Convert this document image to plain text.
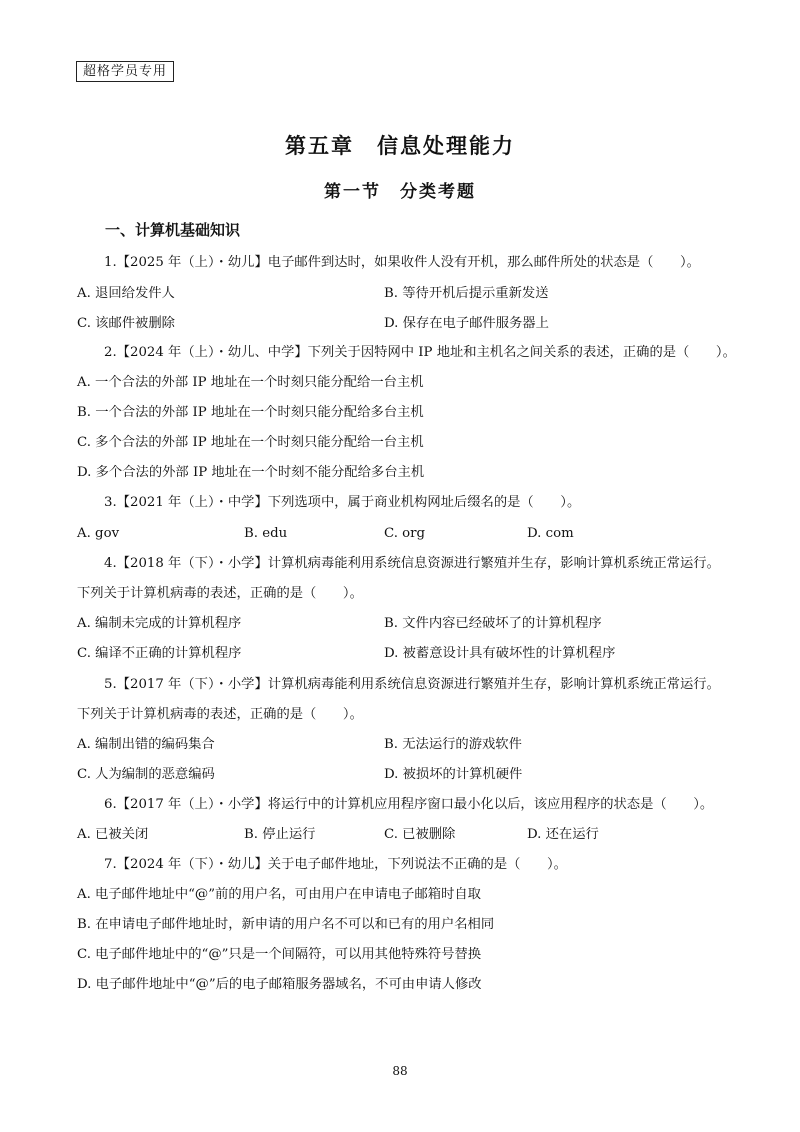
超格学员专用
第五章　信息处理能力
第一节　分类考题
一、计算机基础知识
1.【2025 年（上）・幼儿】电子邮件到达时，如果收件人没有开机，那么邮件所处的状态是（　　）。
A. 退回给发件人	B. 等待开机后提示重新发送
C. 该邮件被删除	D. 保存在电子邮件服务器上
2.【2024 年（上）・幼儿、中学】下列关于因特网中 IP 地址和主机名之间关系的表述，正确的是（　　）。
A. 一个合法的外部 IP 地址在一个时刻只能分配给一台主机
B. 一个合法的外部 IP 地址在一个时刻只能分配给多台主机
C. 多个合法的外部 IP 地址在一个时刻只能分配给一台主机
D. 多个合法的外部 IP 地址在一个时刻不能分配给多台主机
3.【2021 年（上）・中学】下列选项中，属于商业机构网址后缀名的是（　　）。
A. gov	B. edu	C. org	D. com
4.【2018 年（下）・小学】计算机病毒能利用系统信息资源进行繁殖并生存，影响计算机系统正常运行。
下列关于计算机病毒的表述，正确的是（　　）。
A. 编制未完成的计算机程序	B. 文件内容已经破坏了的计算机程序
C. 编译不正确的计算机程序	D. 被蓄意设计具有破坏性的计算机程序
5.【2017 年（下）・小学】计算机病毒能利用系统信息资源进行繁殖并生存，影响计算机系统正常运行。
下列关于计算机病毒的表述，正确的是（　　）。
A. 编制出错的编码集合	B. 无法运行的游戏软件
C. 人为编制的恶意编码	D. 被损坏的计算机硬件
6.【2017 年（上）・小学】将运行中的计算机应用程序窗口最小化以后，该应用程序的状态是（　　）。
A. 已被关闭	B. 停止运行	C. 已被删除	D. 还在运行
7.【2024 年（下）・幼儿】关于电子邮件地址，下列说法不正确的是（　　）。
A. 电子邮件地址中“@”前的用户名，可由用户在申请电子邮箱时自取
B. 在申请电子邮件地址时，新申请的用户名不可以和已有的用户名相同
C. 电子邮件地址中的“@”只是一个间隔符，可以用其他特殊符号替换
D. 电子邮件地址中“@”后的电子邮箱服务器域名，不可由申请人修改
88
